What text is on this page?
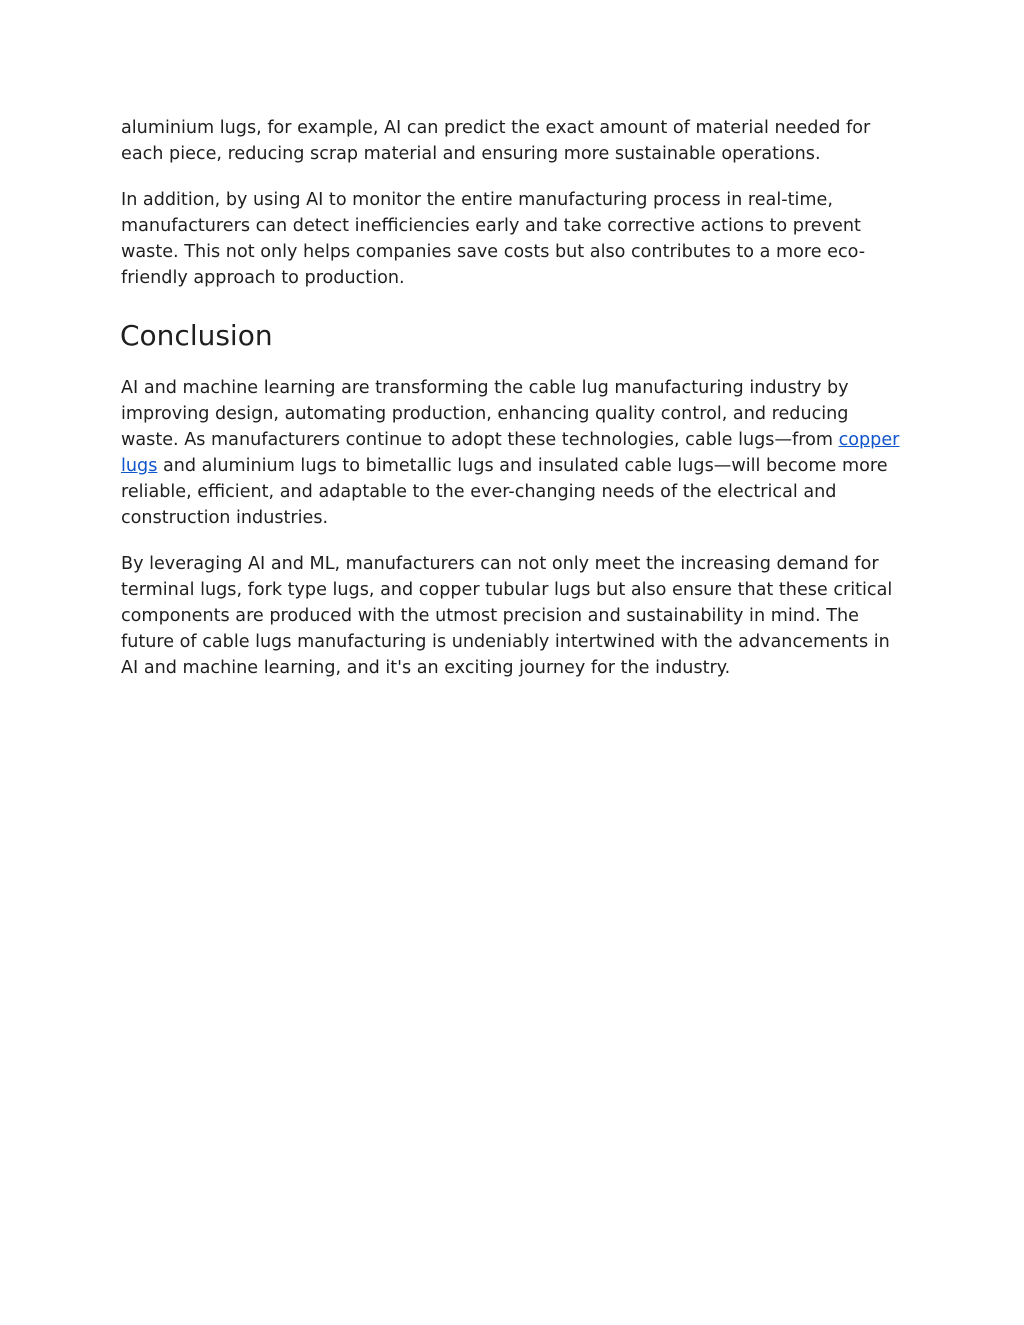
aluminium lugs, for example, AI can predict the exact amount of material needed for each piece, reducing scrap material and ensuring more sustainable operations.

In addition, by using AI to monitor the entire manufacturing process in real-time, manufacturers can detect inefficiencies early and take corrective actions to prevent waste. This not only helps companies save costs but also contributes to a more eco-friendly approach to production.

Conclusion

AI and machine learning are transforming the cable lug manufacturing industry by improving design, automating production, enhancing quality control, and reducing waste. As manufacturers continue to adopt these technologies, cable lugs—from copper lugs and aluminium lugs to bimetallic lugs and insulated cable lugs—will become more reliable, efficient, and adaptable to the ever-changing needs of the electrical and construction industries.

By leveraging AI and ML, manufacturers can not only meet the increasing demand for terminal lugs, fork type lugs, and copper tubular lugs but also ensure that these critical components are produced with the utmost precision and sustainability in mind. The future of cable lugs manufacturing is undeniably intertwined with the advancements in AI and machine learning, and it's an exciting journey for the industry.
